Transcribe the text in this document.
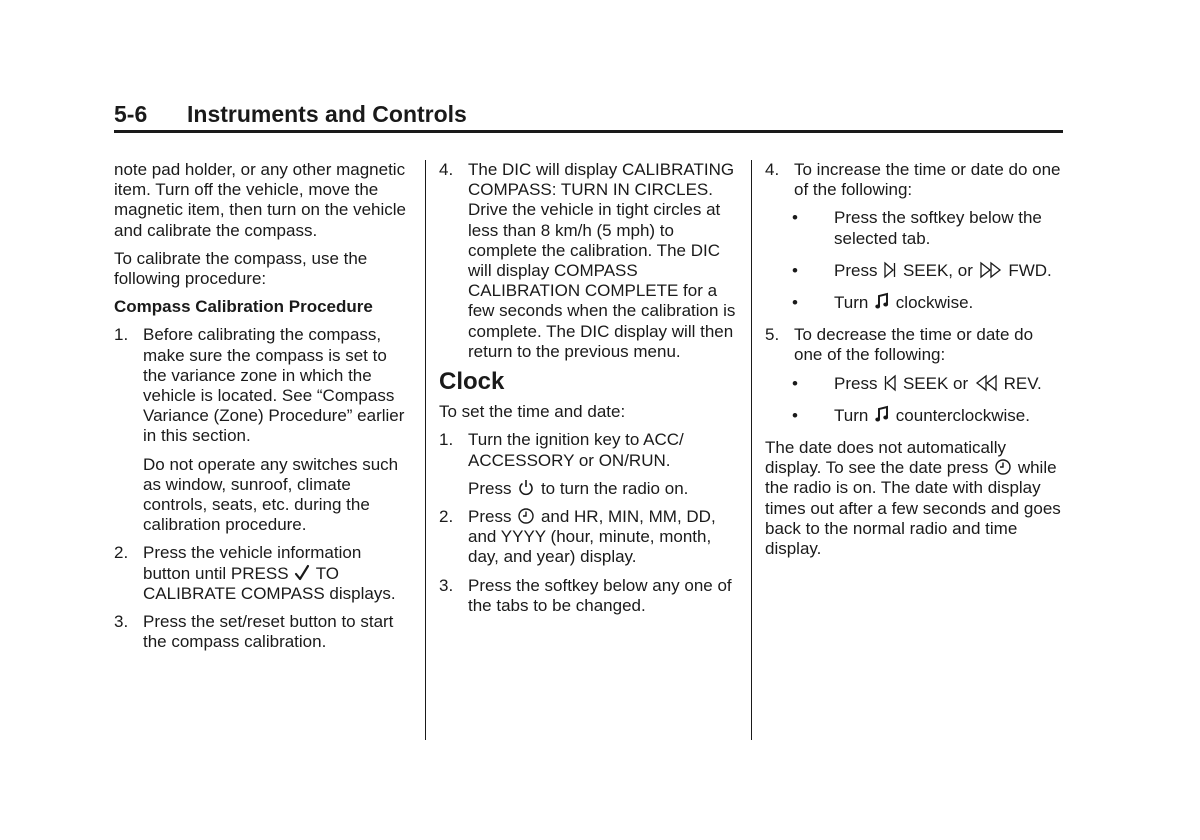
5-6 Instruments and Controls

note pad holder, or any other magnetic item. Turn off the vehicle, move the magnetic item, then turn on the vehicle and calibrate the compass.

To calibrate the compass, use the following procedure:

Compass Calibration Procedure
1. Before calibrating the compass, make sure the compass is set to the variance zone in which the vehicle is located. See “Compass Variance (Zone) Procedure” earlier in this section.

Do not operate any switches such as window, sunroof, climate controls, seats, etc. during the calibration procedure.

2. Press the vehicle information button until PRESS TO CALIBRATE COMPASS displays.

3. Press the set/reset button to start the compass calibration.

4. The DIC will display CALIBRATING COMPASS: TURN IN CIRCLES. Drive the vehicle in tight circles at less than 8 km/h (5 mph) to complete the calibration. The DIC will display COMPASS CALIBRATION COMPLETE for a few seconds when the calibration is complete. The DIC display will then return to the previous menu.

Clock

To set the time and date:

1. Turn the ignition key to ACC/ ACCESSORY or ON/RUN.

Press to turn the radio on.

2. Press and HR, MIN, MM, DD, and YYYY (hour, minute, month, day, and year) display.

3. Press the softkey below any one of the tabs to be changed.

4. To increase the time or date do one of the following:

•	Press the softkey below the selected tab.
•	Press SEEK, or FWD.
•	Turn clockwise.
5. To decrease the time or date do one of the following:

•	Press SEEK or REV.
•	Turn counterclockwise.

The date does not automatically display. To see the date press while the radio is on. The date with display times out after a few seconds and goes back to the normal radio and time display.
